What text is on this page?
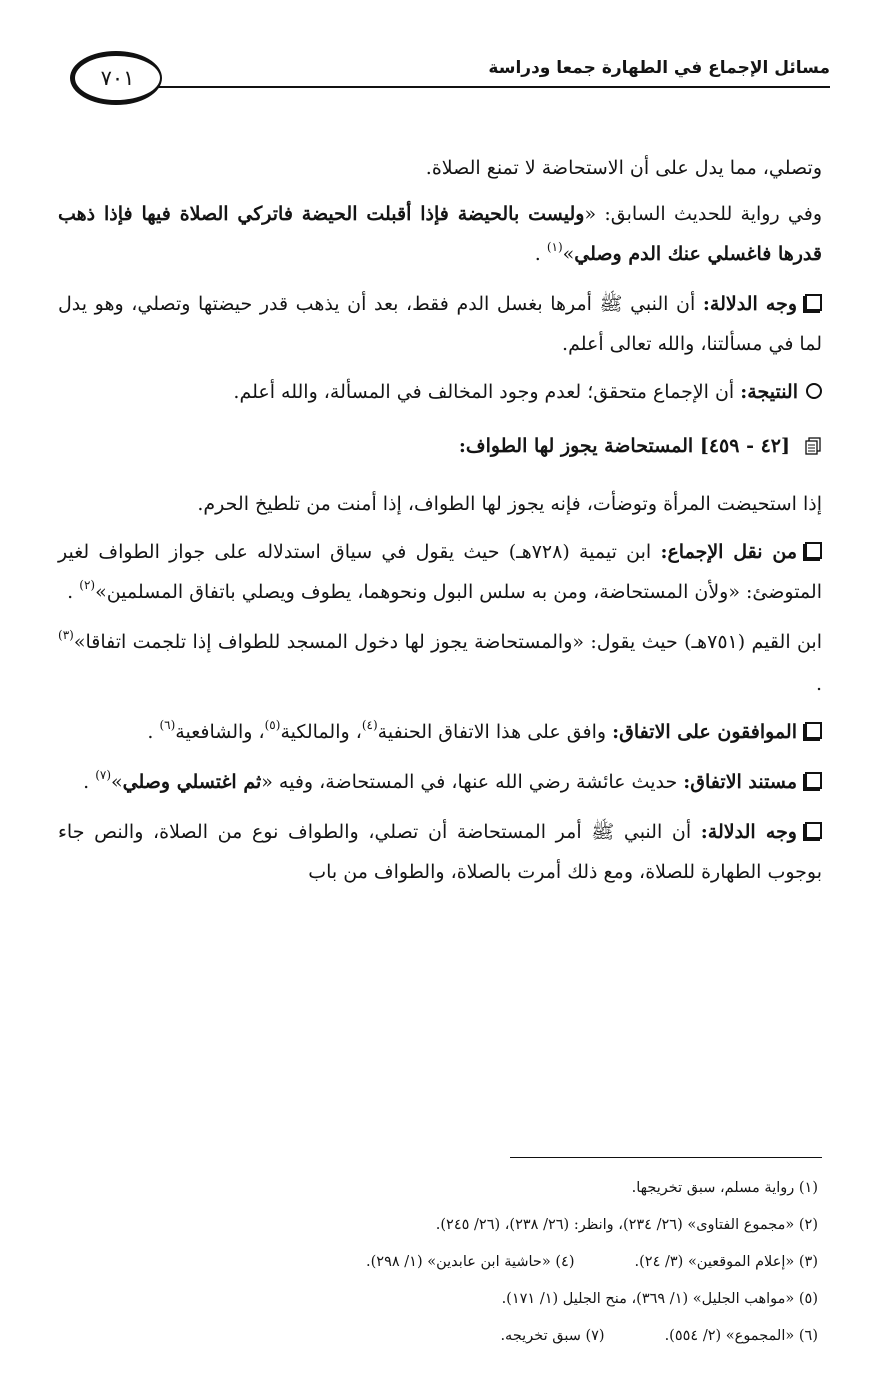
مسائل الإجماع في الطهارة جمعا ودراسة
٧٠١

وتصلي، مما يدل على أن الاستحاضة لا تمنع الصلاة.

وفي رواية للحديث السابق: «وليست بالحيضة فإذا أقبلت الحيضة فاتركي الصلاة فيها فإذا ذهب قدرها فاغسلي عنك الدم وصلي»$^{(١)}$ .

وجه الدلالة: أن النبي ﷺ أمرها بغسل الدم فقط، بعد أن يذهب قدر حيضتها وتصلي، وهو يدل لما في مسألتنا، والله تعالى أعلم.

النتيجة: أن الإجماع متحقق؛ لعدم وجود المخالف في المسألة، والله أعلم.

[٤٢ - ٤٥٩] المستحاضة يجوز لها الطواف:

إذا استحيضت المرأة وتوضأت، فإنه يجوز لها الطواف، إذا أمنت من تلطيخ الحرم.

من نقل الإجماع: ابن تيمية (٧٢٨هـ) حيث يقول في سياق استدلاله على جواز الطواف لغير المتوضئ: «ولأن المستحاضة، ومن به سلس البول ونحوهما، يطوف ويصلي باتفاق المسلمين»$^{(٢)}$ .

ابن القيم (٧٥١هـ) حيث يقول: «والمستحاضة يجوز لها دخول المسجد للطواف إذا تلجمت اتفاقا»$^{(٣)}$ .

الموافقون على الاتفاق: وافق على هذا الاتفاق الحنفية$^{(٤)}$، والمالكية$^{(٥)}$، والشافعية$^{(٦)}$ .

مستند الاتفاق: حديث عائشة رضي الله عنها، في المستحاضة، وفيه «ثم اغتسلي وصلي»$^{(٧)}$ .

وجه الدلالة: أن النبي ﷺ أمر المستحاضة أن تصلي، والطواف نوع من الصلاة، والنص جاء بوجوب الطهارة للصلاة، ومع ذلك أمرت بالصلاة، والطواف من باب

(١) رواية مسلم، سبق تخريجها.
(٢) «مجموع الفتاوى» (٢٦/ ٢٣٤)، وانظر: (٢٦/ ٢٣٨)، (٢٦/ ٢٤٥).
(٣) «إعلام الموقعين» (٣/ ٢٤).(٤) «حاشية ابن عابدين» (١/ ٢٩٨).
(٥) «مواهب الجليل» (١/ ٣٦٩)، منح الجليل (١/ ١٧١).
(٦) «المجموع» (٢/ ٥٥٤).(٧) سبق تخريجه.
